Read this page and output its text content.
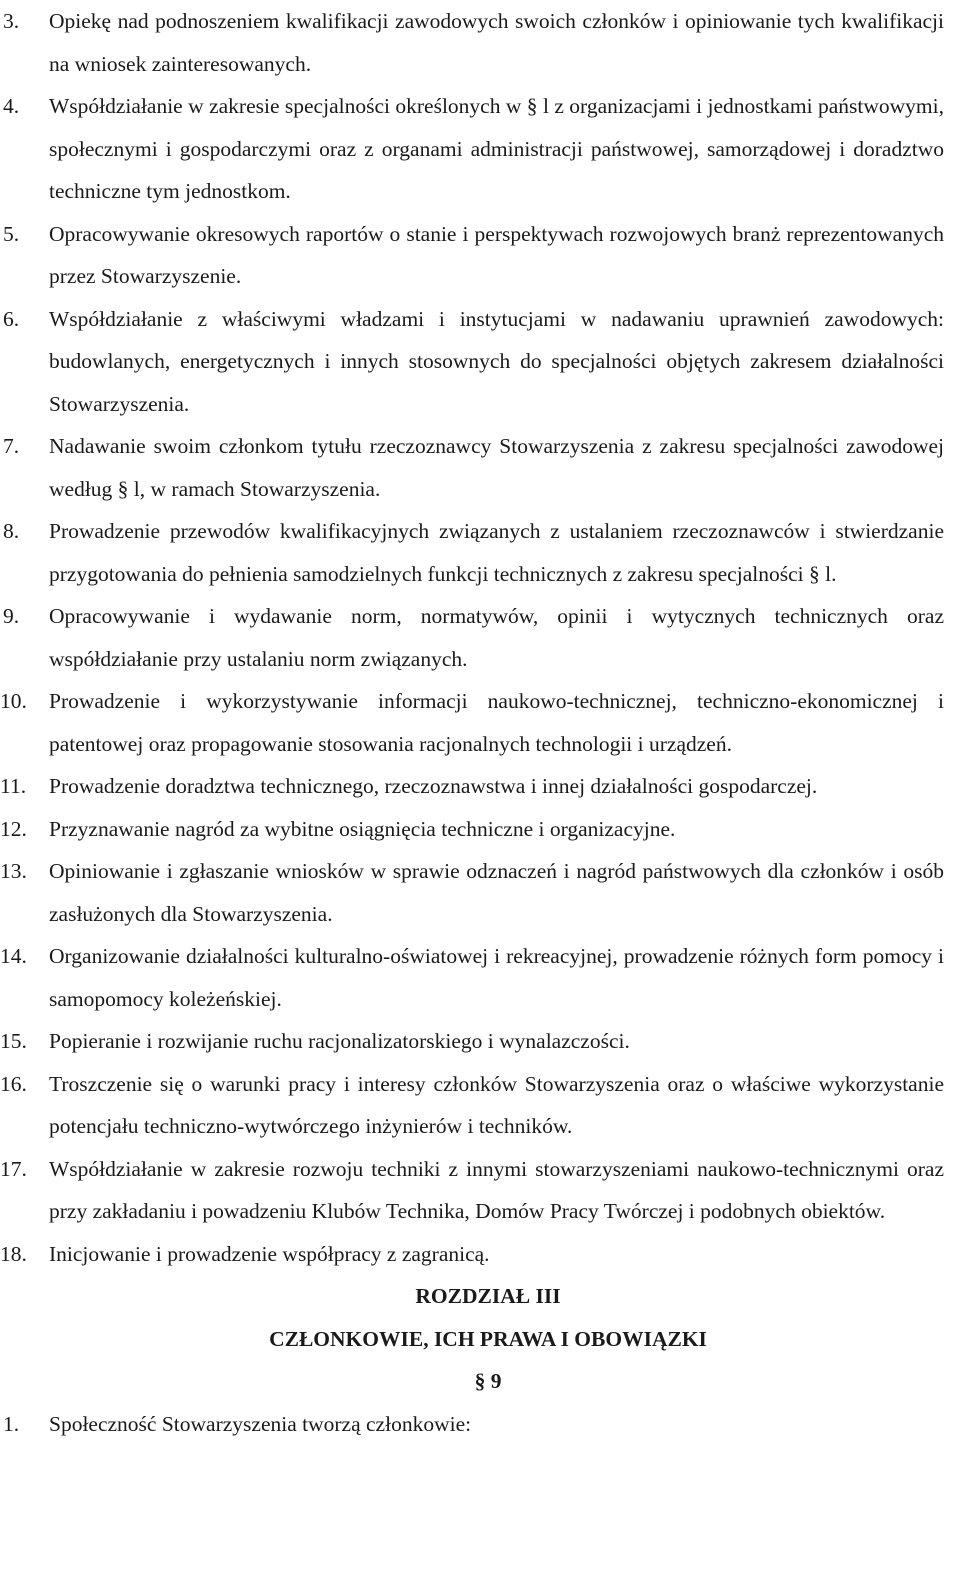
3. Opiekę nad podnoszeniem kwalifikacji zawodowych swoich członków i opiniowanie tych kwalifikacji na wniosek zainteresowanych.
4. Współdziałanie w zakresie specjalności określonych w § l z organizacjami i jednostkami państwowymi, społecznymi i gospodarczymi oraz z organami administracji państwowej, samorządowej i doradztwo techniczne tym jednostkom.
5. Opracowywanie okresowych raportów o stanie i perspektywach rozwojowych branż reprezentowanych przez Stowarzyszenie.
6. Współdziałanie z właściwymi władzami i instytucjami w nadawaniu uprawnień zawodowych: budowlanych, energetycznych i innych stosownych do specjalności objętych zakresem działalności Stowarzyszenia.
7. Nadawanie swoim członkom tytułu rzeczoznawcy Stowarzyszenia z zakresu specjalności zawodowej według § l, w ramach Stowarzyszenia.
8. Prowadzenie przewodów kwalifikacyjnych związanych z ustalaniem rzeczoznawców i stwierdzanie przygotowania do pełnienia samodzielnych funkcji technicznych z zakresu specjalności § l.
9. Opracowywanie i wydawanie norm, normatywów, opinii i wytycznych technicznych oraz współdziałanie przy ustalaniu norm związanych.
10. Prowadzenie i wykorzystywanie informacji naukowo-technicznej, techniczno-ekonomicznej i patentowej oraz propagowanie stosowania racjonalnych technologii i urządzeń.
11. Prowadzenie doradztwa technicznego, rzeczoznawstwa i innej działalności gospodarczej.
12. Przyznawanie nagród za wybitne osiągnięcia techniczne i organizacyjne.
13. Opiniowanie i zgłaszanie wniosków w sprawie odznaczeń i nagród państwowych dla członków i osób zasłużonych dla Stowarzyszenia.
14. Organizowanie działalności kulturalno-oświatowej i rekreacyjnej, prowadzenie różnych form pomocy i samopomocy koleżeńskiej.
15. Popieranie i rozwijanie ruchu racjonalizatorskiego i wynalazczości.
16. Troszczenie się o warunki pracy i interesy członków Stowarzyszenia oraz o właściwe wykorzystanie potencjału techniczno-wytwórczego inżynierów i techników.
17. Współdziałanie w zakresie rozwoju techniki z innymi stowarzyszeniami naukowo-technicznymi oraz przy zakładaniu i powadzeniu Klubów Technika, Domów Pracy Twórczej i podobnych obiektów.
18. Inicjowanie i prowadzenie współpracy z zagranicą.
ROZDZIAŁ III
CZŁONKOWIE, ICH PRAWA I OBOWIĄZKI
§ 9
1. Społeczność Stowarzyszenia tworzą członkowie:
